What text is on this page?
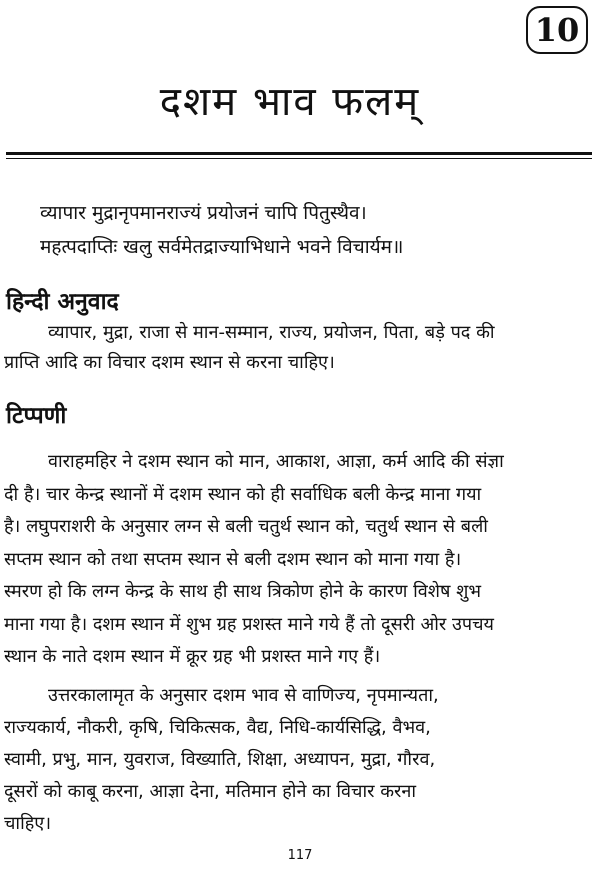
10
दशम भाव फलम्
व्यापार मुद्रानृपमानराज्यं प्रयोजनं चापि पितुस्थैव।
महत्पदाप्तिः खलु सर्वमेतद्राज्याभिधाने भवने विचार्यम॥
हिन्दी अनुवाद
व्यापार, मुद्रा, राजा से मान-सम्मान, राज्य, प्रयोजन, पिता, बड़े पद की
प्राप्ति आदि का विचार दशम स्थान से करना चाहिए।
टिप्पणी
वाराहमहिर ने दशम स्थान को मान, आकाश, आज्ञा, कर्म आदि की संज्ञा
दी है। चार केन्द्र स्थानों में दशम स्थान को ही सर्वाधिक बली केन्द्र माना गया
है। लघुपराशरी के अनुसार लग्न से बली चतुर्थ स्थान को, चतुर्थ स्थान से बली
सप्तम स्थान को तथा सप्तम स्थान से बली दशम स्थान को माना गया है।
स्मरण हो कि लग्न केन्द्र के साथ ही साथ त्रिकोण होने के कारण विशेष शुभ
माना गया है। दशम स्थान में शुभ ग्रह प्रशस्त माने गये हैं तो दूसरी ओर उपचय
स्थान के नाते दशम स्थान में क्रूर ग्रह भी प्रशस्त माने गए हैं।
उत्तरकालामृत के अनुसार दशम भाव से वाणिज्य, नृपमान्यता,
राज्यकार्य, नौकरी, कृषि, चिकित्सक, वैद्य, निधि-कार्यसिद्धि, वैभव,
स्वामी, प्रभु, मान, युवराज, विख्याति, शिक्षा, अध्यापन, मुद्रा, गौरव,
दूसरों को काबू करना, आज्ञा देना, मतिमान होने का विचार करना
चाहिए।
117
